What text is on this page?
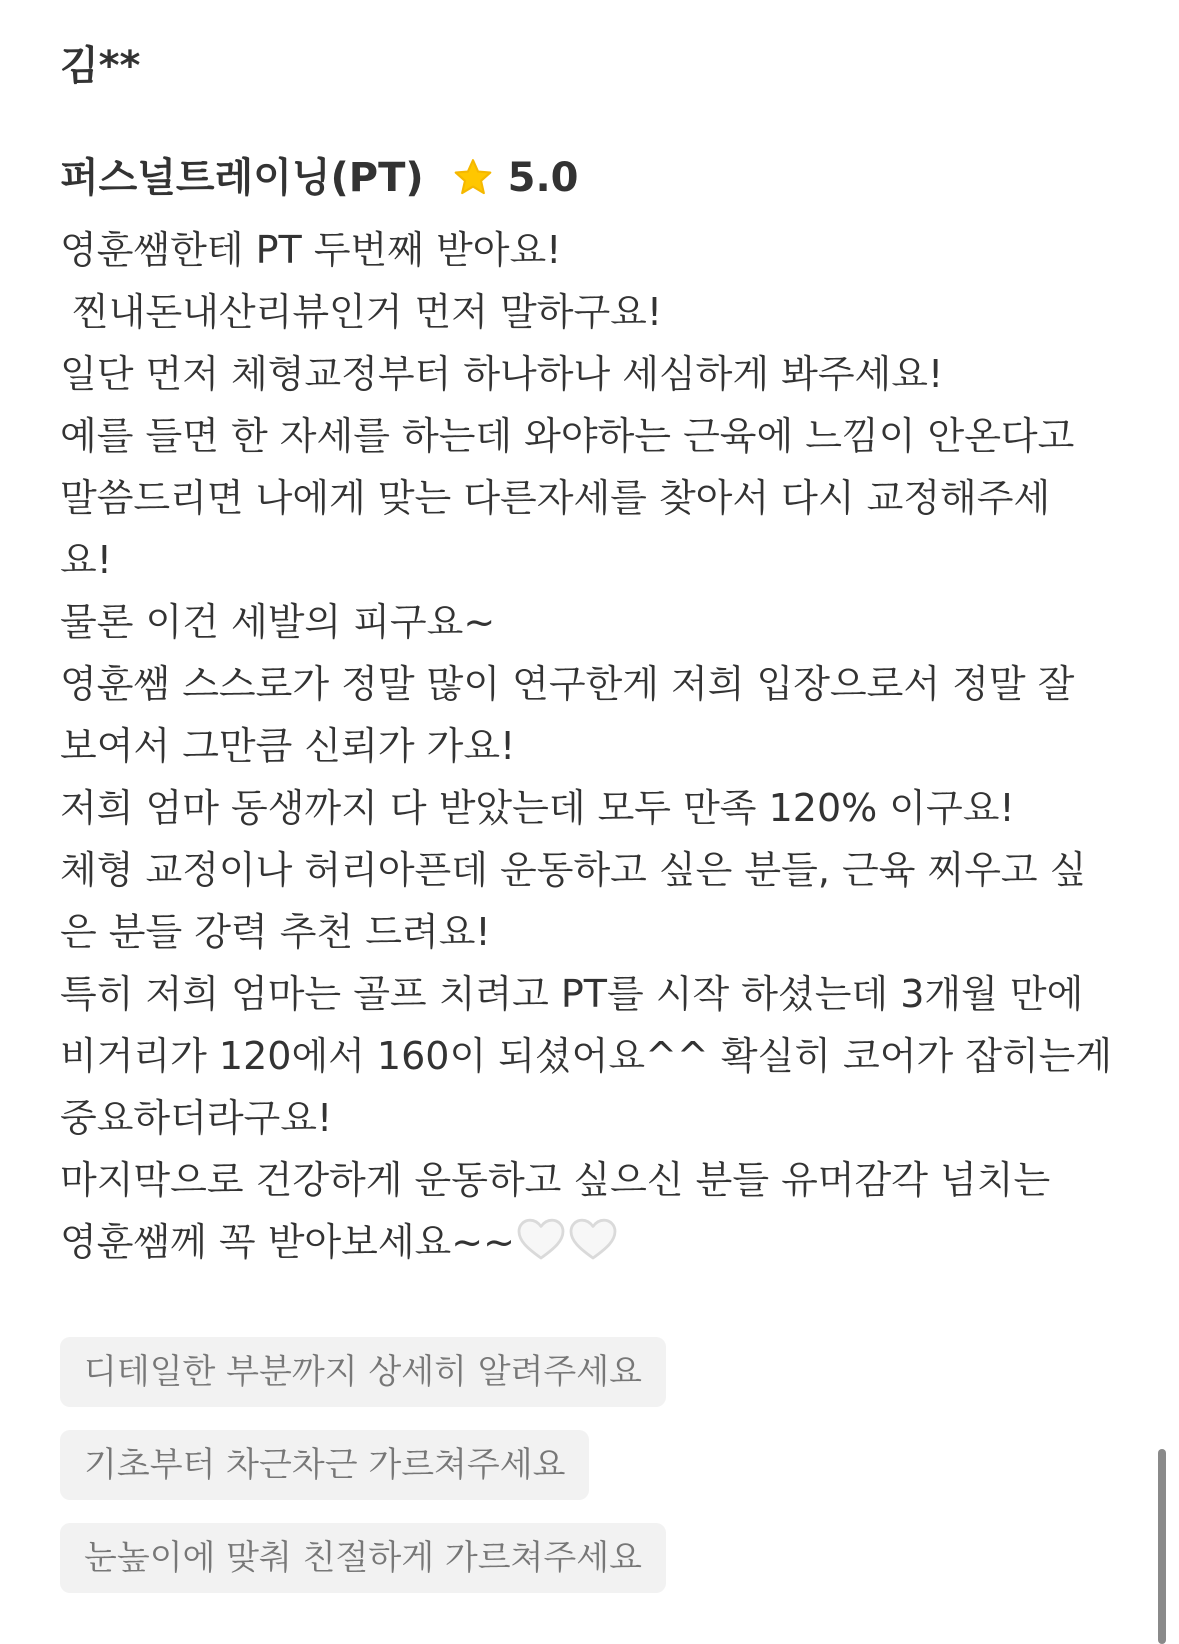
김**
퍼스널트레이닝(PT) 5.0
영훈쌤한테 PT 두번째 받아요!
찐내돈내산리뷰인거 먼저 말하구요!
일단 먼저 체형교정부터 하나하나 세심하게 봐주세요!
예를 들면 한 자세를 하는데 와야하는 근육에 느낌이 안온다고
말씀드리면 나에게 맞는 다른자세를 찾아서 다시 교정해주세
요!
물론 이건 세발의 피구요~
영훈쌤 스스로가 정말 많이 연구한게 저희 입장으로서 정말 잘
보여서 그만큼 신뢰가 가요!
저희 엄마 동생까지 다 받았는데 모두 만족 120% 이구요!
체형 교정이나 허리아픈데 운동하고 싶은 분들, 근육 찌우고 싶
은 분들 강력 추천 드려요!
특히 저희 엄마는 골프 치려고 PT를 시작 하셨는데 3개월 만에
비거리가 120에서 160이 되셨어요^^ 확실히 코어가 잡히는게
중요하더라구요!
마지막으로 건강하게 운동하고 싶으신 분들 유머감각 넘치는
영훈쌤께 꼭 받아보세요~~
디테일한 부분까지 상세히 알려주세요
기초부터 차근차근 가르쳐주세요
눈높이에 맞춰 친절하게 가르쳐주세요
